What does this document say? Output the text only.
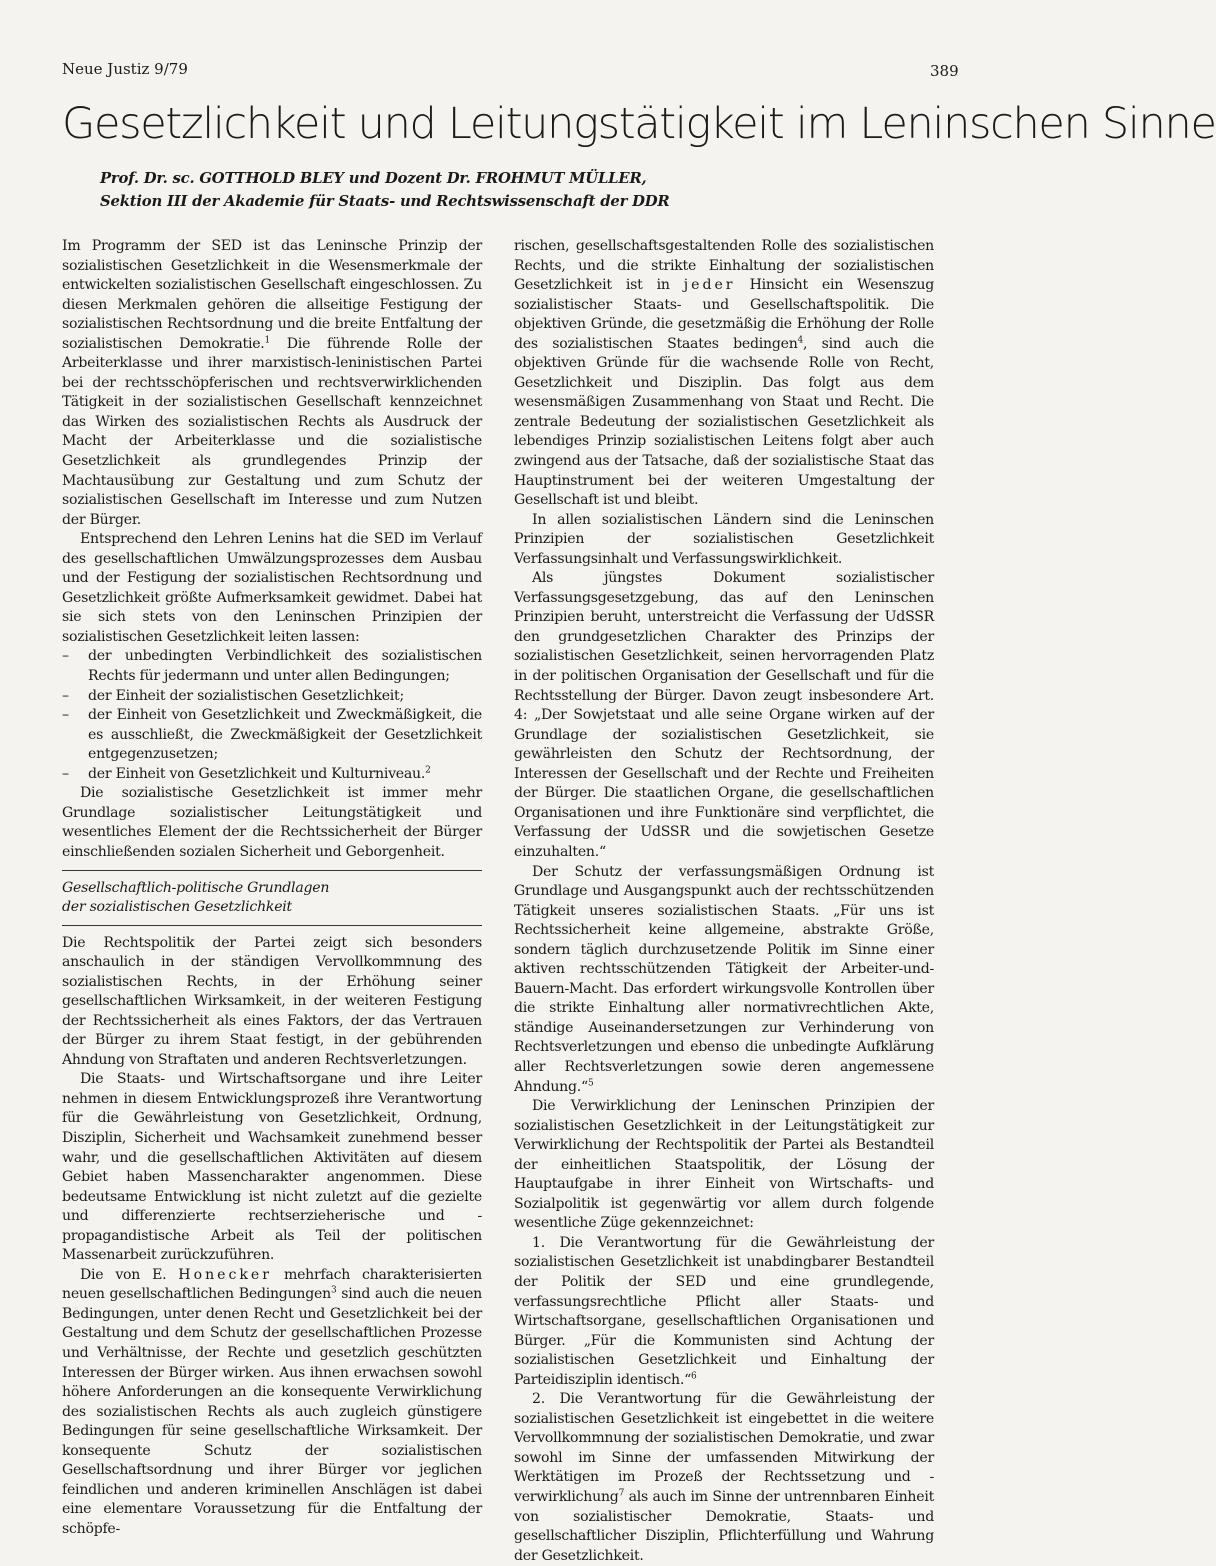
Neue Justiz 9/79	389
Gesetzlichkeit und Leitungstätigkeit im Leninschen Sinne
Prof. Dr. sc. GOTTHOLD BLEY und Dozent Dr. FROHMUT MÜLLER,
Sektion III der Akademie für Staats- und Rechtswissenschaft der DDR

Im Programm der SED ist das Leninsche Prinzip der sozialistischen Gesetzlichkeit in die Wesensmerkmale der entwickelten sozialistischen Gesellschaft eingeschlossen. Zu diesen Merkmalen gehören die allseitige Festigung der sozialistischen Rechtsordnung und die breite Entfaltung der sozialistischen Demokratie.$^1$ Die führende Rolle der Arbeiterklasse und ihrer marxistisch-leninistischen Partei bei der rechtsschöpferischen und rechtsverwirklichenden Tätigkeit in der sozialistischen Gesellschaft kennzeichnet das Wirken des sozialistischen Rechts als Ausdruck der Macht der Arbeiterklasse und die sozialistische Gesetzlichkeit als grundlegendes Prinzip der Machtausübung zur Gestaltung und zum Schutz der sozialistischen Gesellschaft im Interesse und zum Nutzen der Bürger.

Entsprechend den Lehren Lenins hat die SED im Verlauf des gesellschaftlichen Umwälzungsprozesses dem Ausbau und der Festigung der sozialistischen Rechtsordnung und Gesetzlichkeit größte Aufmerksamkeit gewidmet. Dabei hat sie sich stets von den Leninschen Prinzipien der sozialistischen Gesetzlichkeit leiten lassen:

– der unbedingten Verbindlichkeit des sozialistischen Rechts für jedermann und unter allen Bedingungen;
– der Einheit der sozialistischen Gesetzlichkeit;
– der Einheit von Gesetzlichkeit und Zweckmäßigkeit, die es ausschließt, die Zweckmäßigkeit der Gesetzlichkeit entgegenzusetzen;
– der Einheit von Gesetzlichkeit und Kulturniveau.$^2$

Die sozialistische Gesetzlichkeit ist immer mehr Grundlage sozialistischer Leitungstätigkeit und wesentliches Element der die Rechtssicherheit der Bürger einschließenden sozialen Sicherheit und Geborgenheit.

Gesellschaftlich-politische Grundlagen
der sozialistischen Gesetzlichkeit

Die Rechtspolitik der Partei zeigt sich besonders anschaulich in der ständigen Vervollkommnung des sozialistischen Rechts, in der Erhöhung seiner gesellschaftlichen Wirksamkeit, in der weiteren Festigung der Rechtssicherheit als eines Faktors, der das Vertrauen der Bürger zu ihrem Staat festigt, in der gebührenden Ahndung von Straftaten und anderen Rechtsverletzungen.

Die Staats- und Wirtschaftsorgane und ihre Leiter nehmen in diesem Entwicklungsprozeß ihre Verantwortung für die Gewährleistung von Gesetzlichkeit, Ordnung, Disziplin, Sicherheit und Wachsamkeit zunehmend besser wahr, und die gesellschaftlichen Aktivitäten auf diesem Gebiet haben Massencharakter angenommen. Diese bedeutsame Entwicklung ist nicht zuletzt auf die gezielte und differenzierte rechtserzieherische und -propagandistische Arbeit als Teil der politischen Massenarbeit zurückzuführen.

Die von E. Honecker mehrfach charakterisierten neuen gesellschaftlichen Bedingungen$^3$ sind auch die neuen Bedingungen, unter denen Recht und Gesetzlichkeit bei der Gestaltung und dem Schutz der gesellschaftlichen Prozesse und Verhältnisse, der Rechte und gesetzlich geschützten Interessen der Bürger wirken. Aus ihnen erwachsen sowohl höhere Anforderungen an die konsequente Verwirklichung des sozialistischen Rechts als auch zugleich günstigere Bedingungen für seine gesellschaftliche Wirksamkeit. Der konsequente Schutz der sozialistischen Gesellschaftsordnung und ihrer Bürger vor jeglichen feindlichen und anderen kriminellen Anschlägen ist dabei eine elementare Voraussetzung für die Entfaltung der schöpfe-

rischen, gesellschaftsgestaltenden Rolle des sozialistischen Rechts, und die strikte Einhaltung der sozialistischen Gesetzlichkeit ist in jeder Hinsicht ein Wesenszug sozialistischer Staats- und Gesellschaftspolitik. Die objektiven Gründe, die gesetzmäßig die Erhöhung der Rolle des sozialistischen Staates bedingen$^4$, sind auch die objektiven Gründe für die wachsende Rolle von Recht, Gesetzlichkeit und Disziplin. Das folgt aus dem wesensmäßigen Zusammenhang von Staat und Recht. Die zentrale Bedeutung der sozialistischen Gesetzlichkeit als lebendiges Prinzip sozialistischen Leitens folgt aber auch zwingend aus der Tatsache, daß der sozialistische Staat das Hauptinstrument bei der weiteren Umgestaltung der Gesellschaft ist und bleibt.

In allen sozialistischen Ländern sind die Leninschen Prinzipien der sozialistischen Gesetzlichkeit Verfassungsinhalt und Verfassungswirklichkeit.

Als jüngstes Dokument sozialistischer Verfassungsgesetzgebung, das auf den Leninschen Prinzipien beruht, unterstreicht die Verfassung der UdSSR den grundgesetzlichen Charakter des Prinzips der sozialistischen Gesetzlichkeit, seinen hervorragenden Platz in der politischen Organisation der Gesellschaft und für die Rechtsstellung der Bürger. Davon zeugt insbesondere Art. 4: „Der Sowjetstaat und alle seine Organe wirken auf der Grundlage der sozialistischen Gesetzlichkeit, sie gewährleisten den Schutz der Rechtsordnung, der Interessen der Gesellschaft und der Rechte und Freiheiten der Bürger. Die staatlichen Organe, die gesellschaftlichen Organisationen und ihre Funktionäre sind verpflichtet, die Verfassung der UdSSR und die sowjetischen Gesetze einzuhalten.“

Der Schutz der verfassungsmäßigen Ordnung ist Grundlage und Ausgangspunkt auch der rechtsschützenden Tätigkeit unseres sozialistischen Staats. „Für uns ist Rechtssicherheit keine allgemeine, abstrakte Größe, sondern täglich durchzusetzende Politik im Sinne einer aktiven rechtsschützenden Tätigkeit der Arbeiter-und-Bauern-Macht. Das erfordert wirkungsvolle Kontrollen über die strikte Einhaltung aller normativrechtlichen Akte, ständige Auseinandersetzungen zur Verhinderung von Rechtsverletzungen und ebenso die unbedingte Aufklärung aller Rechtsverletzungen sowie deren angemessene Ahndung.“$^5$

Die Verwirklichung der Leninschen Prinzipien der sozialistischen Gesetzlichkeit in der Leitungstätigkeit zur Verwirklichung der Rechtspolitik der Partei als Bestandteil der einheitlichen Staatspolitik, der Lösung der Hauptaufgabe in ihrer Einheit von Wirtschafts- und Sozialpolitik ist gegenwärtig vor allem durch folgende wesentliche Züge gekennzeichnet:

1. Die Verantwortung für die Gewährleistung der sozialistischen Gesetzlichkeit ist unabdingbarer Bestandteil der Politik der SED und eine grundlegende, verfassungsrechtliche Pflicht aller Staats- und Wirtschaftsorgane, gesellschaftlichen Organisationen und Bürger. „Für die Kommunisten sind Achtung der sozialistischen Gesetzlichkeit und Einhaltung der Parteidisziplin identisch.“$^6$

2. Die Verantwortung für die Gewährleistung der sozialistischen Gesetzlichkeit ist eingebettet in die weitere Vervollkommnung der sozialistischen Demokratie, und zwar sowohl im Sinne der umfassenden Mitwirkung der Werktätigen im Prozeß der Rechtssetzung und -verwirklichung$^7$ als auch im Sinne der untrennbaren Einheit von sozialistischer Demokratie, Staats- und gesellschaftlicher Disziplin, Pflichterfüllung und Wahrung der Gesetzlichkeit.
